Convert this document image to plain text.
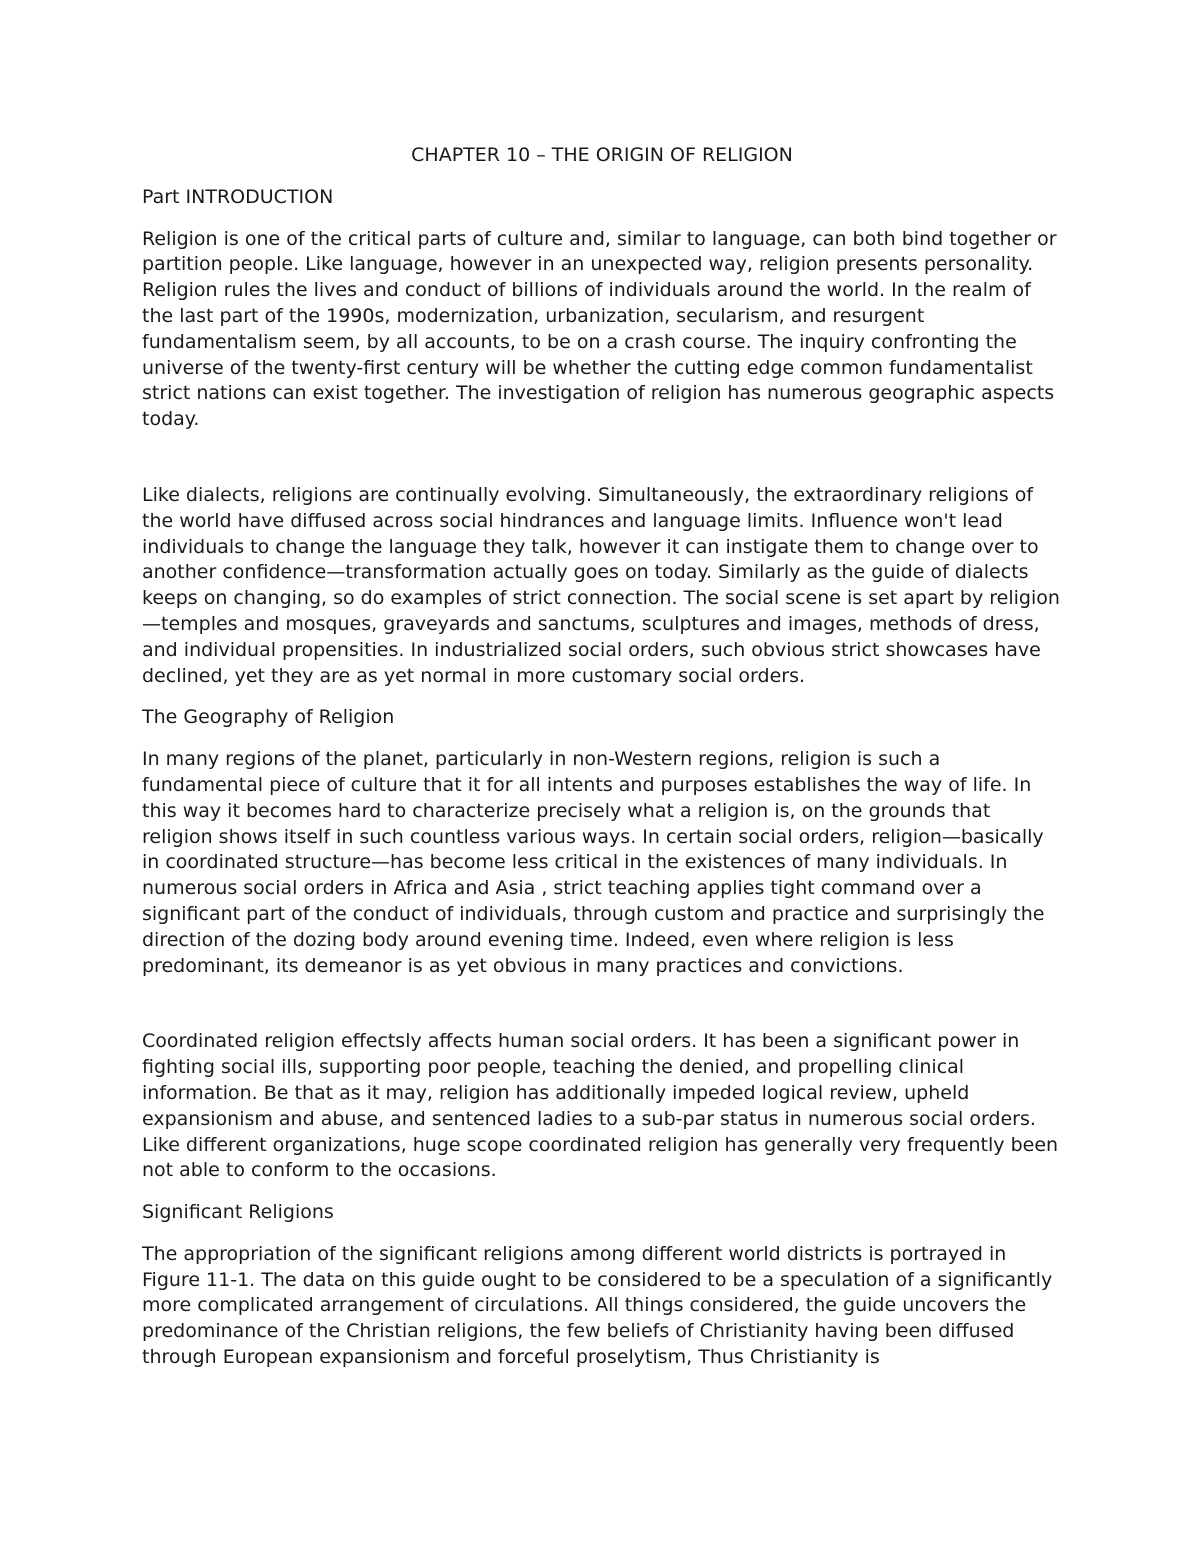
CHAPTER 10 – THE ORIGIN OF RELIGION
Part INTRODUCTION
Religion is one of the critical parts of culture and, similar to language, can both bind together or partition people. Like language, however in an unexpected way, religion presents personality. Religion rules the lives and conduct of billions of individuals around the world. In the realm of the last part of the 1990s, modernization, urbanization, secularism, and resurgent fundamentalism seem, by all accounts, to be on a crash course. The inquiry confronting the universe of the twenty-first century will be whether the cutting edge common fundamentalist strict nations can exist together. The investigation of religion has numerous geographic aspects today.
Like dialects, religions are continually evolving. Simultaneously, the extraordinary religions of the world have diffused across social hindrances and language limits. Influence won't lead individuals to change the language they talk, however it can instigate them to change over to another confidence—transformation actually goes on today. Similarly as the guide of dialects keeps on changing, so do examples of strict connection. The social scene is set apart by religion—temples and mosques, graveyards and sanctums, sculptures and images, methods of dress, and individual propensities. In industrialized social orders, such obvious strict showcases have declined, yet they are as yet normal in more customary social orders.
The Geography of Religion
In many regions of the planet, particularly in non-Western regions, religion is such a fundamental piece of culture that it for all intents and purposes establishes the way of life. In this way it becomes hard to characterize precisely what a religion is, on the grounds that religion shows itself in such countless various ways. In certain social orders, religion—basically in coordinated structure—has become less critical in the existences of many individuals. In numerous social orders in Africa and Asia , strict teaching applies tight command over a significant part of the conduct of individuals, through custom and practice and surprisingly the direction of the dozing body around evening time. Indeed, even where religion is less predominant, its demeanor is as yet obvious in many practices and convictions.
Coordinated religion effectsly affects human social orders. It has been a significant power in fighting social ills, supporting poor people, teaching the denied, and propelling clinical information. Be that as it may, religion has additionally impeded logical review, upheld expansionism and abuse, and sentenced ladies to a sub-par status in numerous social orders. Like different organizations, huge scope coordinated religion has generally very frequently been not able to conform to the occasions.
Significant Religions
The appropriation of the significant religions among different world districts is portrayed in Figure 11-1. The data on this guide ought to be considered to be a speculation of a significantly more complicated arrangement of circulations. All things considered, the guide uncovers the predominance of the Christian religions, the few beliefs of Christianity having been diffused through European expansionism and forceful proselytism, Thus Christianity is
